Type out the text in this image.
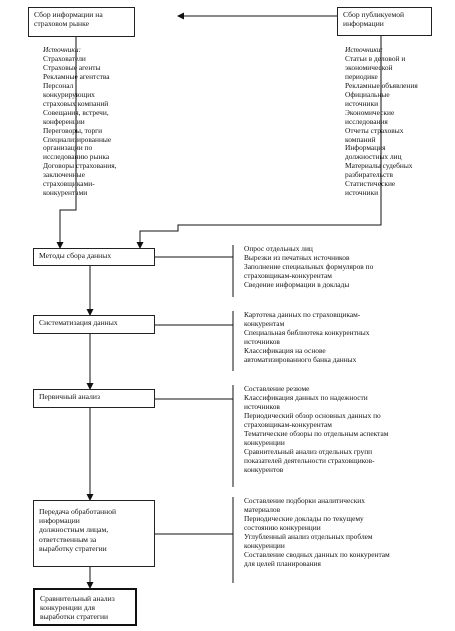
Сбор информации на
страховом рынке
Сбор публикуемой
информации
Источники:
Страхователи
Страховые агенты
Рекламные агентства
Персонал
конкурирующих
страховых компаний
Совещания, встречи,
конференции
Переговоры, торги
Специализированные
организации по
исследованию рынка
Договоры страхования,
заключенные
страховщиками-
конкурентами
Источники:
Статьи в деловой и
экономической
периодике
Рекламные объявления
Официальные
источники
Экономические
исследования
Отчеты страховых
компаний
Информация
должностных лиц
Материалы судебных
разбирательств
Статистические
источники
Методы сбора данных
Опрос отдельных лиц
Вырезки из печатных источников
Заполнение специальных формуляров по
страховщикам-конкурентам
Сведение информации в доклады
Систематизация данных
Картотека данных по страховщикам-
конкурентам
Специальная библиотека конкурентных
источников
Классификация на основе
автоматизированного банка данных
Первичный анализ
Составление резюме
Классификация данных по надежности
источников
Периодический обзор основных данных по
страховщикам-конкурентам
Тематические обзоры по отдельным аспектам
конкуренции
Сравнительный анализ отдельных групп
показателей деятельности страховщиков-
конкурентов
Передача обработанной
информации
должностным лицам,
ответственным за
выработку стратегии
Составление подборки аналитических
материалов
Периодические доклады по текущему
состоянию конкуренции
Углубленный анализ отдельных проблем
конкуренции
Составление сводных данных по конкурентам
для целей планирования
Сравнительный анализ
конкуренции для
выработки стратегии
